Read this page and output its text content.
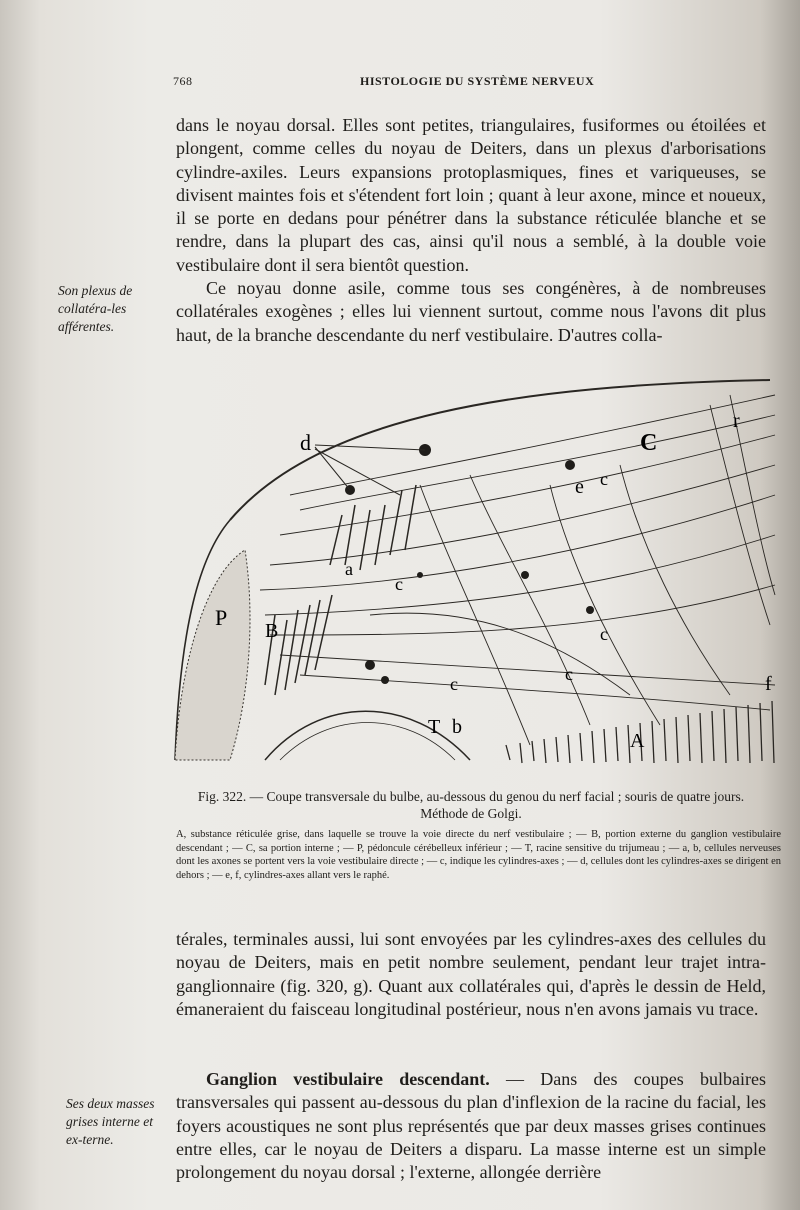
768	HISTOLOGIE DU SYSTÈME NERVEUX

dans le noyau dorsal. Elles sont petites, triangulaires, fusiformes ou étoilées et plongent, comme celles du noyau de Deiters, dans un plexus d'arborisations cylindre-axiles. Leurs expansions protoplasmiques, fines et variqueuses, se divisent maintes fois et s'étendent fort loin ; quant à leur axone, mince et noueux, il se porte en dedans pour pénétrer dans la substance réticulée blanche et se rendre, dans la plupart des cas, ainsi qu'il nous a semblé, à la double voie vestibulaire dont il sera bientôt question.

Ce noyau donne asile, comme tous ses congénères, à de nombreuses collatérales exogènes ; elles lui viennent surtout, comme nous l'avons dit plus haut, de la branche descendante du nerf vestibulaire. D'autres colla-

Son plexus de collatéra-les afférentes.
d	C
r
e c
c
a
P
B	c
c
c
T b
A
f
Fig. 322. — Coupe transversale du bulbe, au-dessous du genou du nerf facial ; souris de quatre jours. Méthode de Golgi.
A, substance réticulée grise, dans laquelle se trouve la voie directe du nerf vestibulaire ; — B, portion externe du ganglion vestibulaire descendant ; — C, sa portion interne ; — P, pédoncule cérébelleux inférieur ; — T, racine sensitive du trijumeau ; — a, b, cellules nerveuses dont les axones se portent vers la voie vestibulaire directe ; — c, indique les cylindres-axes ; — d, cellules dont les cylindres-axes se dirigent en dehors ; — e, f, cylindres-axes allant vers le raphé.

térales, terminales aussi, lui sont envoyées par les cylindres-axes des cellules du noyau de Deiters, mais en petit nombre seulement, pendant leur trajet intra-ganglionnaire (fig. 320, g). Quant aux collatérales qui, d'après le dessin de Held, émaneraient du faisceau longitudinal postérieur, nous n'en avons jamais vu trace.

Ganglion vestibulaire descendant. — Dans des coupes bulbaires transversales qui passent au-dessous du plan d'inflexion de la racine du facial, les foyers acoustiques ne sont plus représentés que par deux masses grises continues entre elles, car le noyau de Deiters a disparu. La masse interne est un simple prolongement du noyau dorsal ; l'externe, allongée derrière

Ses deux masses grises interne et ex-terne.
